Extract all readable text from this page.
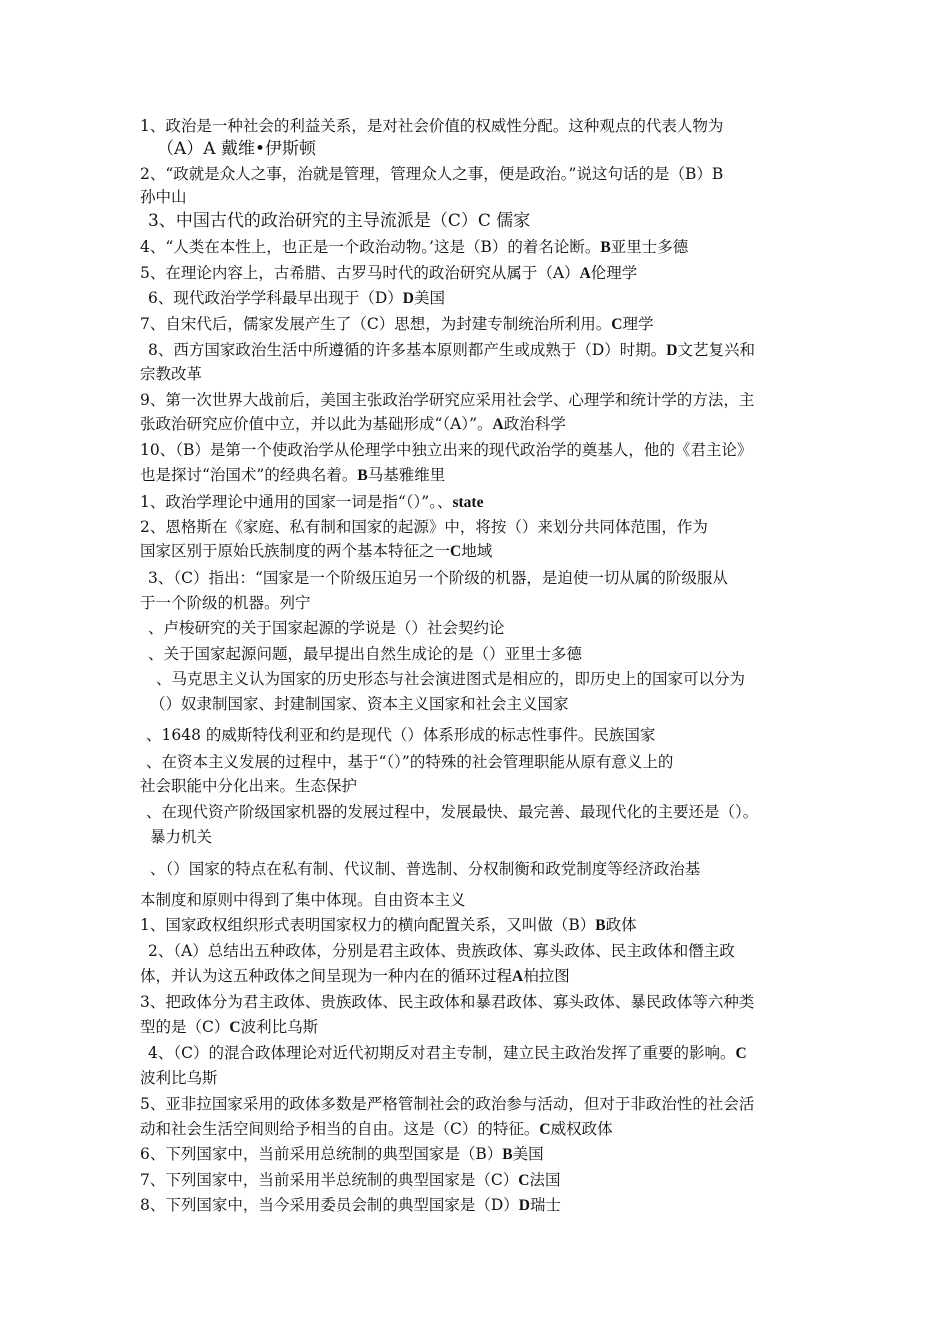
1、政治是一种社会的利益关系，是对社会价值的权威性分配。这种观点的代表人物为
（A）A 戴维•伊斯顿
2、“政就是众人之事，治就是管理，管理众人之事，便是政治。”说这句话的是（B）B
孙中山
3、中国古代的政治研究的主导流派是（C）C 儒家
4、“人类在本性上，也正是一个政治动物。’这是（B）的着名论断。B亚里士多德
5、在理论内容上，古希腊、古罗马时代的政治研究从属于（A）A伦理学
6、现代政治学学科最早出现于（D）D美国
7、自宋代后，儒家发展产生了（C）思想，为封建专制统治所利用。C理学
8、西方国家政治生活中所遵循的许多基本原则都产生或成熟于（D）时期。D文艺复兴和
宗教改革
9、第一次世界大战前后，美国主张政治学研究应采用社会学、心理学和统计学的方法，主
张政治研究应价值中立，并以此为基础形成“（A）”。A政治科学
10、（B）是第一个使政治学从伦理学中独立出来的现代政治学的奠基人，他的《君主论》
也是探讨“治国术”的经典名着。B马基雅维里
1、政治学理论中通用的国家一词是指“（）”。、state
2、恩格斯在《家庭、私有制和国家的起源》中，将按（）来划分共同体范围，作为
国家区别于原始氏族制度的两个基本特征之一C地域
3、（C）指出：“国家是一个阶级压迫另一个阶级的机器，是迫使一切从属的阶级服从
于一个阶级的机器。列宁
、卢梭研究的关于国家起源的学说是（）社会契约论
、关于国家起源问题，最早提出自然生成论的是（）亚里士多德
、马克思主义认为国家的历史形态与社会演进图式是相应的，即历史上的国家可以分为
（）奴隶制国家、封建制国家、资本主义国家和社会主义国家
、1648 的威斯特伐利亚和约是现代（）体系形成的标志性事件。民族国家
、在资本主义发展的过程中，基于“（）”的特殊的社会管理职能从原有意义上的
社会职能中分化出来。生态保护
、在现代资产阶级国家机器的发展过程中，发展最快、最完善、最现代化的主要还是（）。
暴力机关
、（）国家的特点在私有制、代议制、普选制、分权制衡和政党制度等经济政治基
本制度和原则中得到了集中体现。自由资本主义
1、国家政权组织形式表明国家权力的横向配置关系，又叫做（B）B政体
2、（A）总结出五种政体，分别是君主政体、贵族政体、寡头政体、民主政体和僭主政
体，并认为这五种政体之间呈现为一种内在的循环过程A柏拉图
3、把政体分为君主政体、贵族政体、民主政体和暴君政体、寡头政体、暴民政体等六种类
型的是（C）C波利比乌斯
4、（C）的混合政体理论对近代初期反对君主专制，建立民主政治发挥了重要的影响。C
波利比乌斯
5、亚非拉国家采用的政体多数是严格管制社会的政治参与活动，但对于非政治性的社会活
动和社会生活空间则给予相当的自由。这是（C）的特征。C威权政体
6、下列国家中，当前采用总统制的典型国家是（B）B美国
7、下列国家中，当前采用半总统制的典型国家是（C）C法国
8、下列国家中，当今采用委员会制的典型国家是（D）D瑞士
